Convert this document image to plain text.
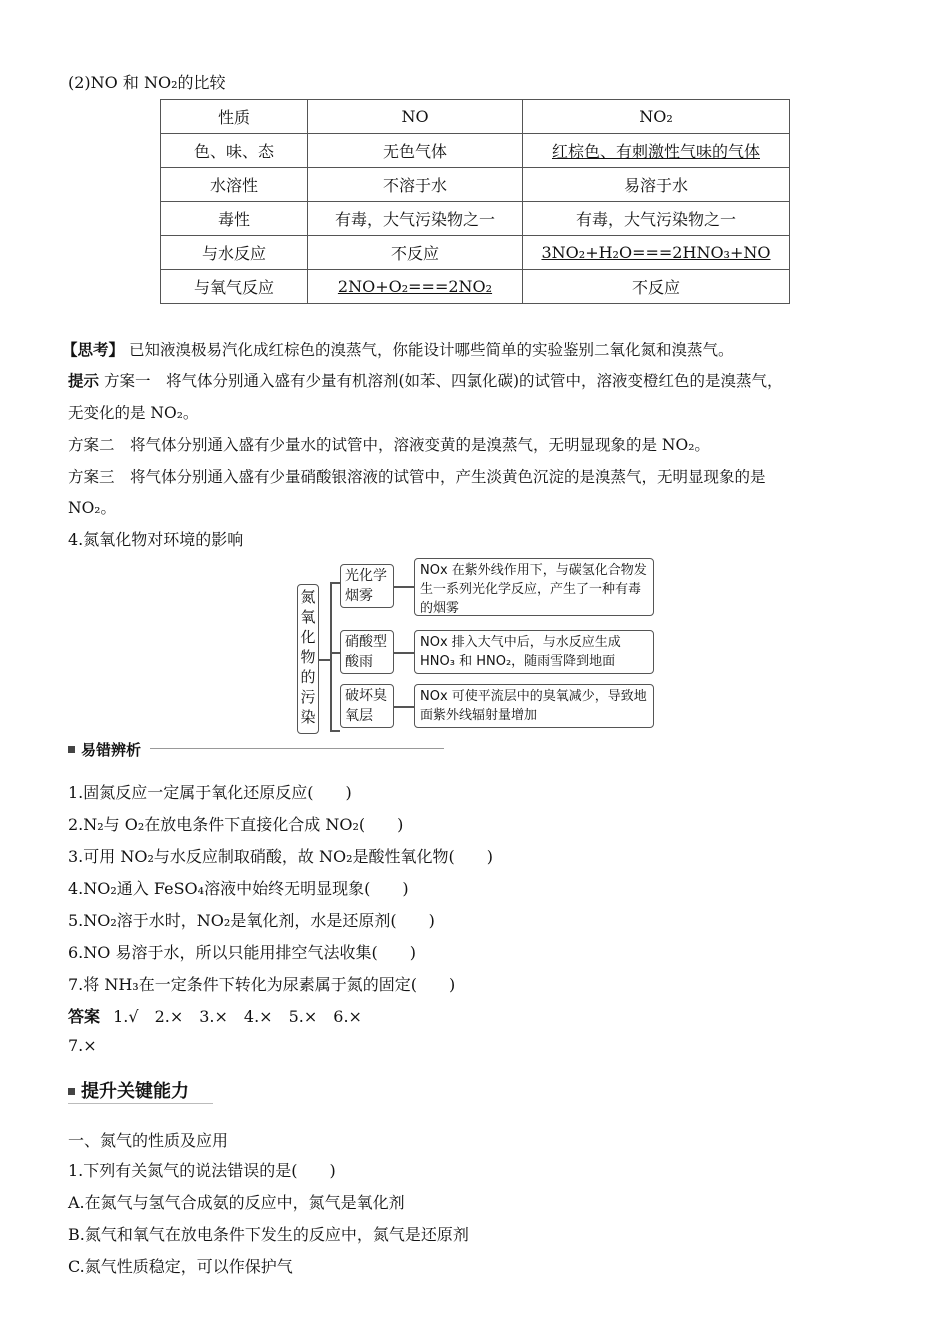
(2)NO 和 NO₂的比较
性质	NO	NO₂
色、味、态	无色气体	红棕色、有刺激性气味的气体
水溶性	不溶于水	易溶于水
毒性	有毒，大气污染物之一	有毒，大气污染物之一
与水反应	不反应	3NO₂+H₂O===2HNO₃+NO
与氧气反应	2NO+O₂===2NO₂	不反应
【思考】 已知液溴极易汽化成红棕色的溴蒸气，你能设计哪些简单的实验鉴别二氧化氮和溴蒸气。
提示 方案一　将气体分别通入盛有少量有机溶剂(如苯、四氯化碳)的试管中，溶液变橙红色的是溴蒸气，
无变化的是 NO₂。
方案二　将气体分别通入盛有少量水的试管中，溶液变黄的是溴蒸气，无明显现象的是 NO₂。
方案三　将气体分别通入盛有少量硝酸银溶液的试管中，产生淡黄色沉淀的是溴蒸气，无明显现象的是
NO₂。
4.氮氧化物对环境的影响
氮氧化物的污染
光化学
烟雾
NOx 在紫外线作用下，与碳氢化合物发生一系列光化学反应，产生了一种有毒的烟雾
硝酸型
酸雨
NOx 排入大气中后，与水反应生成 HNO₃ 和 HNO₂，随雨雪降到地面
破坏臭
氧层
NOx 可使平流层中的臭氧减少，导致地面紫外线辐射量增加
易错辨析
1.固氮反应一定属于氧化还原反应(　　)
2.N₂与 O₂在放电条件下直接化合成 NO₂(　　)
3.可用 NO₂与水反应制取硝酸，故 NO₂是酸性氧化物(　　)
4.NO₂通入 FeSO₄溶液中始终无明显现象(　　)
5.NO₂溶于水时，NO₂是氧化剂，水是还原剂(　　)
6.NO 易溶于水，所以只能用排空气法收集(　　)
7.将 NH₃在一定条件下转化为尿素属于氮的固定(　　)
答案 1.√　2.×　3.×　4.×　5.×　6.×
7.×
提升关键能力
一、氮气的性质及应用
1.下列有关氮气的说法错误的是(　　)
A.在氮气与氢气合成氨的反应中，氮气是氧化剂
B.氮气和氧气在放电条件下发生的反应中，氮气是还原剂
C.氮气性质稳定，可以作保护气
